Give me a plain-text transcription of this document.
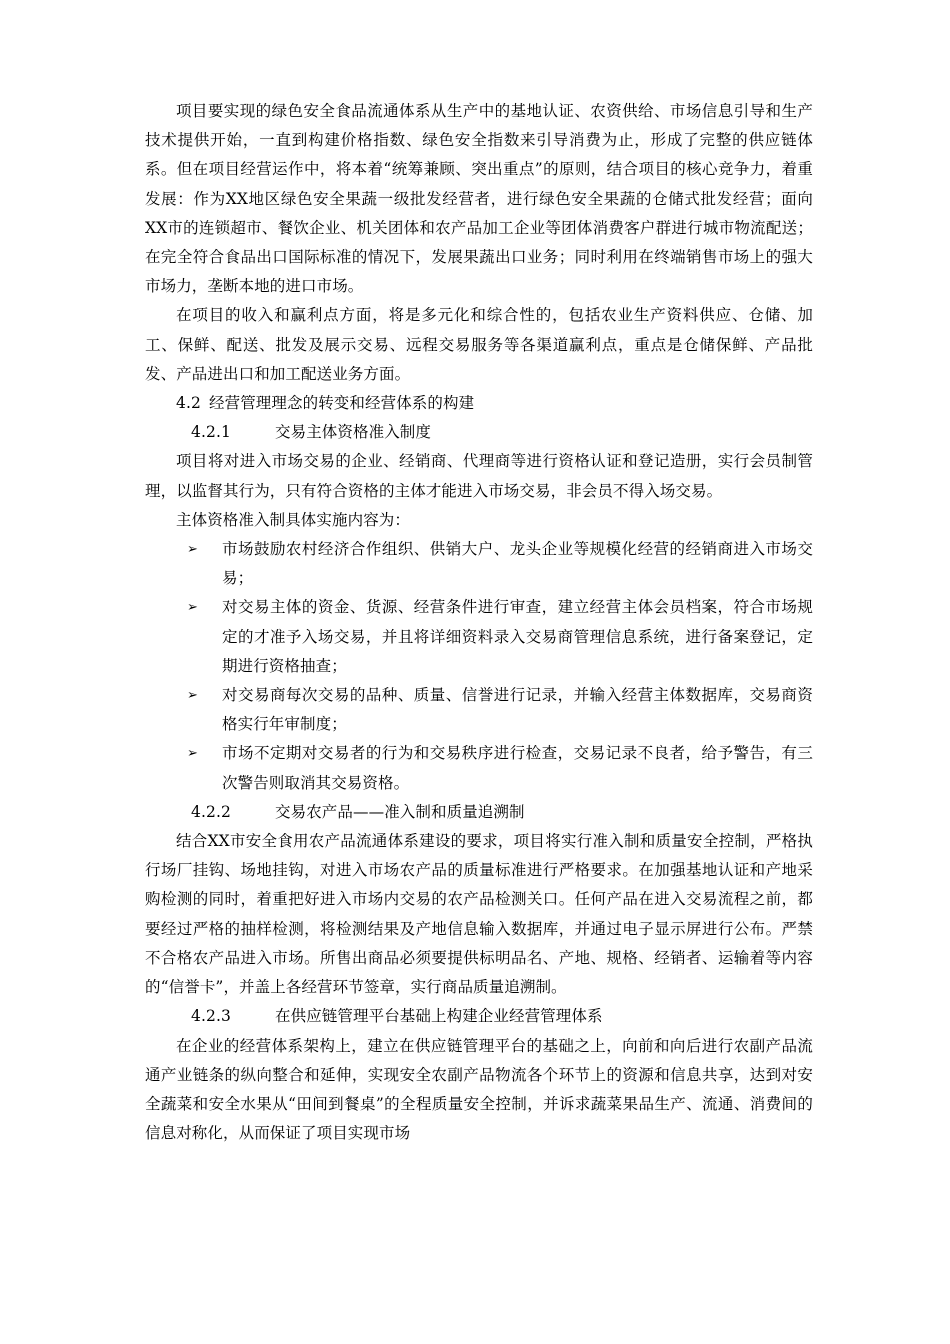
项目要实现的绿色安全食品流通体系从生产中的基地认证、农资供给、市场信息引导和生产技术提供开始，一直到构建价格指数、绿色安全指数来引导消费为止，形成了完整的供应链体系。但在项目经营运作中，将本着“统筹兼顾、突出重点”的原则，结合项目的核心竞争力，着重发展：作为XX地区绿色安全果蔬一级批发经营者，进行绿色安全果蔬的仓储式批发经营；面向XX市的连锁超市、餐饮企业、机关团体和农产品加工企业等团体消费客户群进行城市物流配送； 在完全符合食品出口国际标准的情况下，发展果蔬出口业务；同时利用在终端销售市场上的强大市场力，垄断本地的进口市场。

在项目的收入和赢利点方面，将是多元化和综合性的，包括农业生产资料供应、仓储、加工、保鲜、配送、批发及展示交易、远程交易服务等各渠道赢利点，重点是仓储保鲜、产品批发、产品进出口和加工配送业务方面。

4.2 经营管理理念的转变和经营体系的构建

4.2.1	交易主体资格准入制度

项目将对进入市场交易的企业、经销商、代理商等进行资格认证和登记造册，实行会员制管理，以监督其行为，只有符合资格的主体才能进入市场交易，非会员不得入场交易。

主体资格准入制具体实施内容为：

➢ 市场鼓励农村经济合作组织、供销大户、龙头企业等规模化经营的经销商进入市场交易；
➢ 对交易主体的资金、货源、经营条件进行审查，建立经营主体会员档案，符合市场规定的才准予入场交易，并且将详细资料录入交易商管理信息系统，进行备案登记，定期进行资格抽查；
➢ 对交易商每次交易的品种、质量、信誉进行记录，并输入经营主体数据库，交易商资格实行年审制度；
➢ 市场不定期对交易者的行为和交易秩序进行检查，交易记录不良者，给予警告，有三次警告则取消其交易资格。

4.2.2	交易农产品——准入制和质量追溯制

结合XX市安全食用农产品流通体系建设的要求，项目将实行准入制和质量安全控制，严格执行场厂挂钩、场地挂钩，对进入市场农产品的质量标准进行严格要求。在加强基地认证和产地采购检测的同时，着重把好进入市场内交易的农产品检测关口。任何产品在进入交易流程之前，都要经过严格的抽样检测，将检测结果及产地信息输入数据库，并通过电子显示屏进行公布。严禁不合格农产品进入市场。所售出商品必须要提供标明品名、产地、规格、经销者、运输着等内容的“信誉卡”，并盖上各经营环节签章，实行商品质量追溯制。

4.2.3	在供应链管理平台基础上构建企业经营管理体系

在企业的经营体系架构上，建立在供应链管理平台的基础之上，向前和向后进行农副产品流通产业链条的纵向整合和延伸，实现安全农副产品物流各个环节上的资源和信息共享，达到对安全蔬菜和安全水果从“田间到餐桌”的全程质量安全控制，并诉求蔬菜果品生产、流通、消费间的信息对称化，从而保证了项目实现市场
